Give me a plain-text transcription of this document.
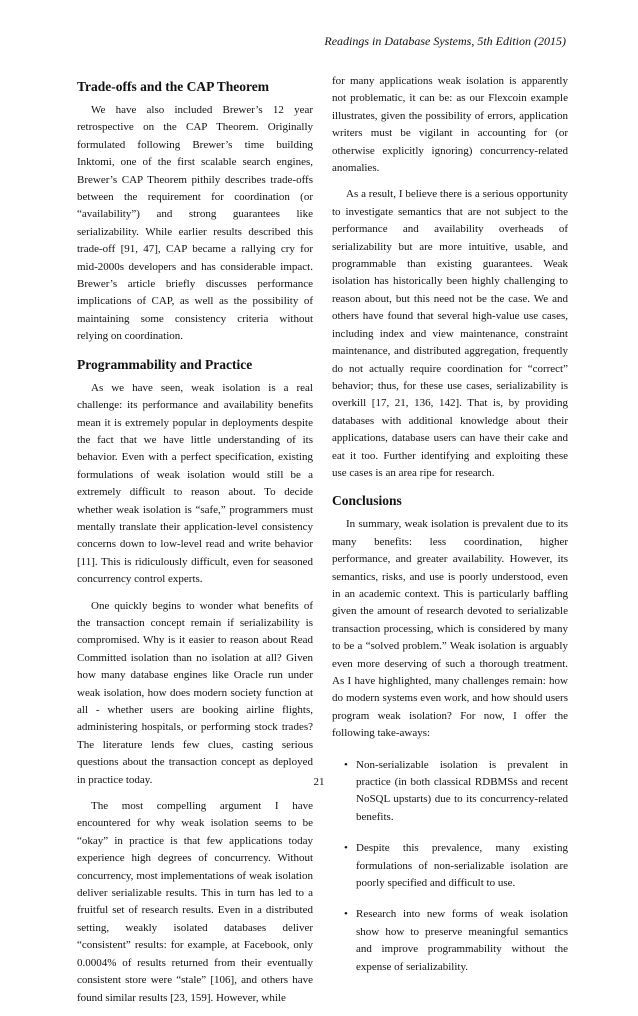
Readings in Database Systems, 5th Edition (2015)
Trade-offs and the CAP Theorem

We have also included Brewer’s 12 year retrospective on the CAP Theorem. Originally formulated following Brewer’s time building Inktomi, one of the first scalable search engines, Brewer’s CAP Theorem pithily describes trade-offs between the requirement for coordination (or “availability”) and strong guarantees like serializability. While earlier results described this trade-off [91, 47], CAP became a rallying cry for mid-2000s developers and has considerable impact. Brewer’s article briefly discusses performance implications of CAP, as well as the possibility of maintaining some consistency criteria without relying on coordination.

Programmability and Practice

As we have seen, weak isolation is a real challenge: its performance and availability benefits mean it is extremely popular in deployments despite the fact that we have little understanding of its behavior. Even with a perfect specification, existing formulations of weak isolation would still be a extremely difficult to reason about. To decide whether weak isolation is “safe,” programmers must mentally translate their application-level consistency concerns down to low-level read and write behavior [11]. This is ridiculously difficult, even for seasoned concurrency control experts.

One quickly begins to wonder what benefits of the transaction concept remain if serializability is compromised. Why is it easier to reason about Read Committed isolation than no isolation at all? Given how many database engines like Oracle run under weak isolation, how does modern society function at all - whether users are booking airline flights, administering hospitals, or performing stock trades? The literature lends few clues, casting serious questions about the transaction concept as deployed in practice today.

The most compelling argument I have encountered for why weak isolation seems to be “okay” in practice is that few applications today experience high degrees of concurrency. Without concurrency, most implementations of weak isolation deliver serializable results. This in turn has led to a fruitful set of research results. Even in a distributed setting, weakly isolated databases deliver “consistent” results: for example, at Facebook, only 0.0004% of results returned from their eventually consistent store were “stale” [106], and others have found similar results [23, 159]. However, while

for many applications weak isolation is apparently not problematic, it can be: as our Flexcoin example illustrates, given the possibility of errors, application writers must be vigilant in accounting for (or otherwise explicitly ignoring) concurrency-related anomalies.

As a result, I believe there is a serious opportunity to investigate semantics that are not subject to the performance and availability overheads of serializability but are more intuitive, usable, and programmable than existing guarantees. Weak isolation has historically been highly challenging to reason about, but this need not be the case. We and others have found that several high-value use cases, including index and view maintenance, constraint maintenance, and distributed aggregation, frequently do not actually require coordination for “correct” behavior; thus, for these use cases, serializability is overkill [17, 21, 136, 142]. That is, by providing databases with additional knowledge about their applications, database users can have their cake and eat it too. Further identifying and exploiting these use cases is an area ripe for research.

Conclusions

In summary, weak isolation is prevalent due to its many benefits: less coordination, higher performance, and greater availability. However, its semantics, risks, and use is poorly understood, even in an academic context. This is particularly baffling given the amount of research devoted to serializable transaction processing, which is considered by many to be a “solved problem.” Weak isolation is arguably even more deserving of such a thorough treatment. As I have highlighted, many challenges remain: how do modern systems even work, and how should users program weak isolation? For now, I offer the following take-aways:

• Non-serializable isolation is prevalent in practice (in both classical RDBMSs and recent NoSQL upstarts) due to its concurrency-related benefits.
• Despite this prevalence, many existing formulations of non-serializable isolation are poorly specified and difficult to use.
• Research into new forms of weak isolation show how to preserve meaningful semantics and improve programmability without the expense of serializability.
21
